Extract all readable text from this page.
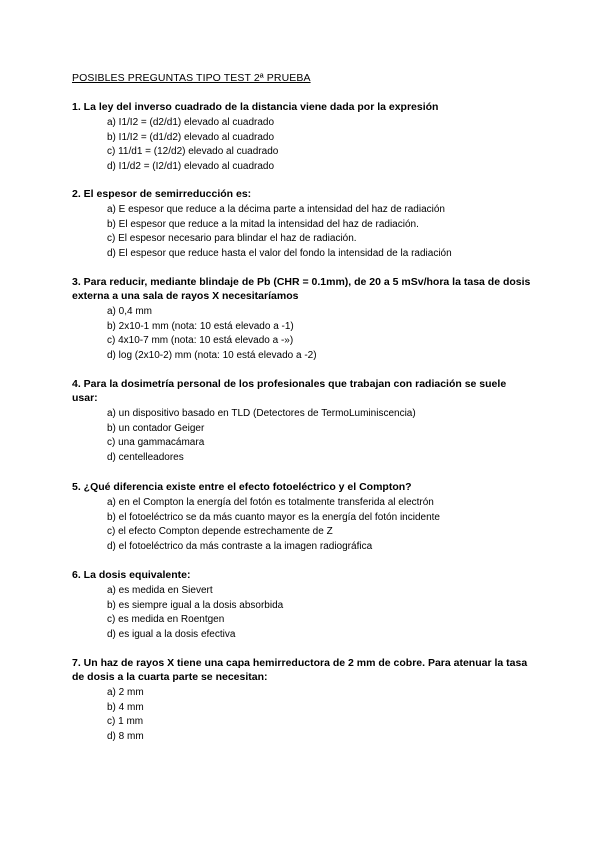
POSIBLES PREGUNTAS TIPO TEST 2ª PRUEBA

1. La ley del inverso cuadrado de la distancia viene dada por la expresión

a) I1/I2 = (d2/d1) elevado al cuadrado
b) I1/I2 = (d1/d2) elevado al cuadrado
c) 11/d1 = (12/d2) elevado al cuadrado
d) I1/d2 = (I2/d1) elevado al cuadrado

2. El espesor de semirreducción es:

a) E espesor que reduce a la décima parte a intensidad del haz de radiación
b) El espesor que reduce a la mitad la intensidad del haz de radiación.
c) El espesor necesario para blindar el haz de radiación.
d) El espesor que reduce hasta el valor del fondo la intensidad de la radiación

3. Para reducir, mediante blindaje de Pb (CHR = 0.1mm), de 20 a 5 mSv/hora la tasa de dosis externa a una sala de rayos X necesitaríamos

a) 0,4 mm
b) 2x10-1 mm (nota: 10 está elevado a -1)
c) 4x10-7 mm (nota: 10 está elevado a -»)
d) log (2x10-2) mm (nota: 10 está elevado a -2)

4. Para la dosimetría personal de los profesionales que trabajan con radiación se suele usar:

a) un dispositivo basado en TLD (Detectores de TermoLuminiscencia)
b) un contador Geiger
c) una gammacámara
d) centelleadores

5. ¿Qué diferencia existe entre el efecto fotoeléctrico y el Compton?

a) en el Compton la energía del fotón es totalmente transferida al electrón
b) el fotoeléctrico se da más cuanto mayor es la energía del fotón incidente
c) el efecto Compton depende estrechamente de Z
d) el fotoeléctrico da más contraste a la imagen radiográfica

6. La dosis equivalente:

a) es medida en Sievert
b) es siempre igual a la dosis absorbida
c) es medida en Roentgen
d) es igual a la dosis efectiva

7. Un haz de rayos X tiene una capa hemirreductora de 2 mm de cobre. Para atenuar la tasa de dosis a la cuarta parte se necesitan:

a) 2 mm
b) 4 mm
c) 1 mm
d) 8 mm
